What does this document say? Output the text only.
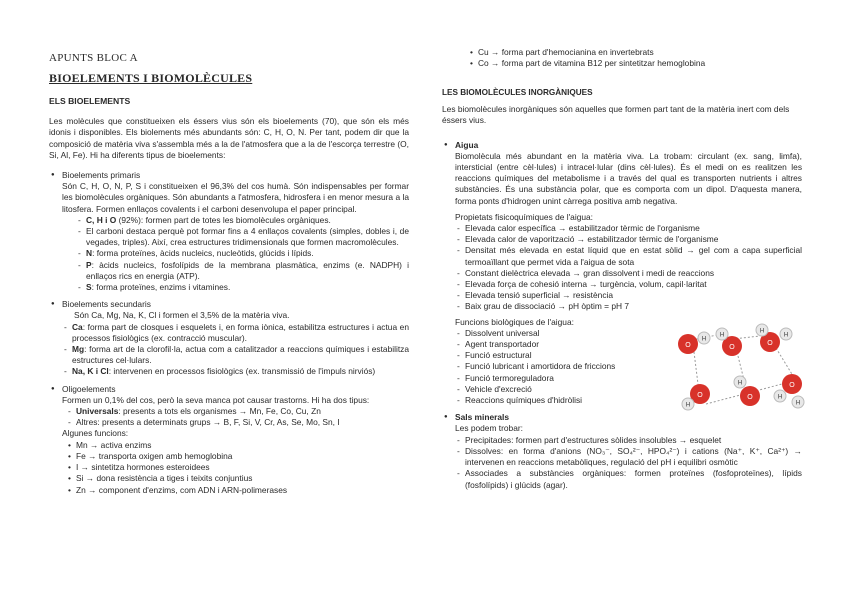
APUNTS BLOC A
BIOELEMENTS I BIOMOLÈCULES

ELS BIOELEMENTS

Les molècules que constitueixen els éssers vius són els bioelements (70), que són els més idonis i disponibles. Els biolements més abundants són: C, H, O, N. Per tant, podem dir que la composició de matèria viva s'assembla més a la de l'atmosfera que a la de l'escorça terrestre (O, Si, Al, Fe). Hi ha diferents tipus de bioelements:

● Bioelements primaris

Són C, H, O, N, P, S i constitueixen el 96,3% del cos humà. Són indispensables per formar les biomolècules orgàniques. Són abundants a l'atmosfera, hidrosfera i en menor mesura a la litosfera. Formen enllaços covalents i el carboni desenvolupa el paper principal.

- C, H i O (92%): formen part de totes les biomolècules orgàniques.
- El carboni destaca perquè pot formar fins a 4 enllaços covalents (simples, dobles i, de vegades, triples). Així, crea estructures tridimensionals que formen macromolècules.
- N: forma proteïnes, àcids nucleics, nucleòtids, glúcids i lípids.
- P: àcids nucleics, fosfolípids de la membrana plasmàtica, enzims (e. NADPH) i enllaços rics en energia (ATP).
- S: forma proteïnes, enzims i vitamines.
● Bioelements secundaris

Són Ca, Mg, Na, K, Cl i formen el 3,5% de la matèria viva.

- Ca: forma part de closques i esquelets i, en forma iònica, estabilitza estructures i actua en processos fisiològics (ex. contracció muscular).
- Mg: forma art de la clorofil·la, actua com a catalitzador a reaccions químiques i estabilitza estructures cel·lulars.
- Na, K i Cl: intervenen en processos fisiològics (ex. transmissió de l'impuls nirviós)
● Oligoelements

Formen un 0,1% del cos, però la seva manca pot causar trastorns. Hi ha dos tipus:

- Universals: presents a tots els organismes → Mn, Fe, Co, Cu, Zn
- Altres: presents a determinats grups → B, F, Si, V, Cr, As, Se, Mo, Sn, I

Algunes funcions:

• Mn → activa enzims
• Fe → transporta oxigen amb hemoglobina
• I → sintetitza hormones esteroidees
• Si → dona resistència a tiges i teixits conjuntius
• Zn → component d'enzims, com ADN i ARN-polimerases
• Cu → forma part d'hemocianina en invertebrats
• Co → forma part de vitamina B12 per sintetitzar hemoglobina

LES BIOMOLÈCULES INORGÀNIQUES

Les biomolècules inorgàniques són aquelles que formen part tant de la matèria inert com dels éssers vius.

● Aigua

Biomolècula més abundant en la matèria viva. La trobam: circulant (ex. sang, limfa), intersticial (entre cèl·lules) i intracel·lular (dins cèl·lules). És el medi on es realitzen les reaccions químiques del metabolisme i a través del qual es transporten nutrients i altres substàncies. És una substància polar, que es comporta com un dipol. D'aquesta manera, forma ponts d'hidrogen unint càrrega positiva amb negativa.

Propietats fisicoquímiques de l'aigua:

- Elevada calor específica → estabilitzador tèrmic de l'organisme
- Elevada calor de vaporització → estabilitzador tèrmic de l'organisme
- Densitat més elevada en estat líquid que en estat sòlid → gel com a capa superficial termoaïllant que permet vida a l'aigua de sota
- Constant dielèctrica elevada → gran dissolvent i medi de reaccions
- Elevada força de cohesió interna → turgència, volum, capil·laritat
- Elevada tensió superficial → resistència
- Baix grau de dissociació → pH òptim = pH 7

Funcions biològiques de l'aigua:

- Dissolvent universal
- Agent transportador
- Funció estructural
- Funció lubricant i amortidora de friccions
- Funció termoreguladora
- Vehicle d'excreció
- Reaccions químiques d'hidròlisi
● Sals minerals

Les podem trobar:

- Precipitades: formen part d'estructures sòlides insolubles → esquelet
- Dissolves: en forma d'anions (NO₃⁻, SO₄²⁻, HPO₄²⁻) i cations (Na⁺, K⁺, Ca²⁺) → intervenen en reaccions metabòliques, regulació del pH i equilibri osmòtic
- Associades a substàncies orgàniques: formen proteïnes (fosfoproteïnes), lípids (fosfolípids) i glúcids (agar).
O
H
O
H
O
H
H
O
H
O
H	O
H
H
